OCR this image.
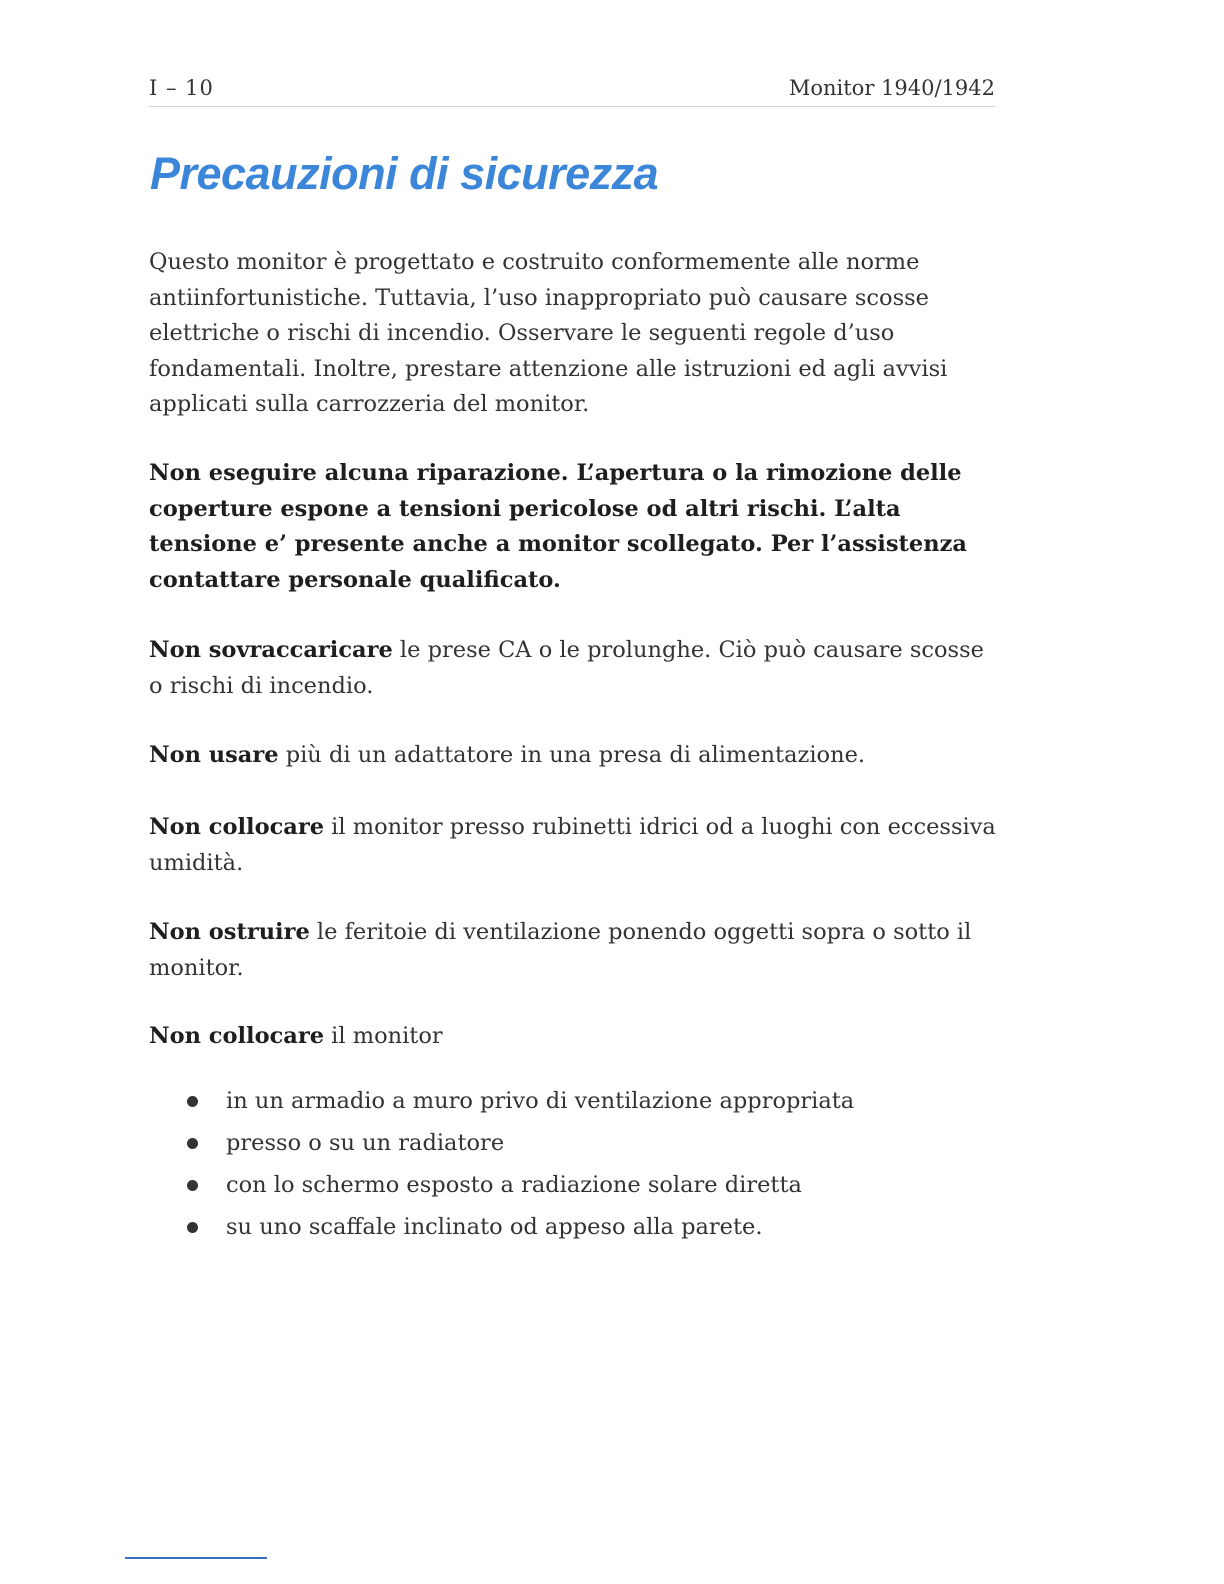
I – 10	Monitor 1940/1942
Precauzioni di sicurezza

Questo monitor è progettato e costruito conformemente alle norme antiinfortunistiche. Tuttavia, l’uso inappropriato può causare scosse elettriche o rischi di incendio. Osservare le seguenti regole d’uso fondamentali. Inoltre, prestare attenzione alle istruzioni ed agli avvisi applicati sulla carrozzeria del monitor.

Non eseguire alcuna riparazione. L’apertura o la rimozione delle coperture espone a tensioni pericolose od altri rischi. L’alta tensione e’ presente anche a monitor scollegato. Per l’assistenza contattare personale qualificato.

Non sovraccaricare le prese CA o le prolunghe. Ciò può causare scosse o rischi di incendio.

Non usare più di un adattatore in una presa di alimentazione.

Non collocare il monitor presso rubinetti idrici od a luoghi con eccessiva umidità.

Non ostruire le feritoie di ventilazione ponendo oggetti sopra o sotto il monitor.

Non collocare il monitor

in un armadio a muro privo di ventilazione appropriata
presso o su un radiatore
con lo schermo esposto a radiazione solare diretta
su uno scaffale inclinato od appeso alla parete.
